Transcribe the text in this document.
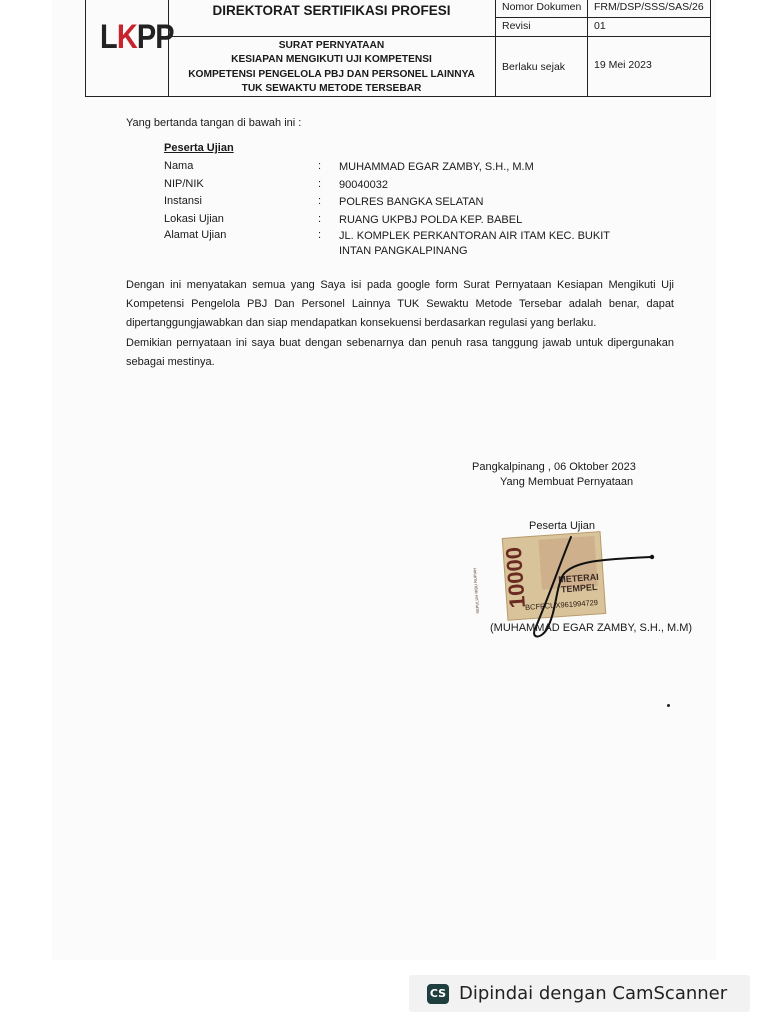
LKPP
DIREKTORAT SERTIFIKASI PROFESI
SURAT PERNYATAAN
KESIAPAN MENGIKUTI UJI KOMPETENSI
KOMPETENSI PENGELOLA PBJ DAN PERSONEL LAINNYA
TUK SEWAKTU METODE TERSEBAR
Nomor Dokumen FRM/DSP/SSS/SAS/26
Revisi	01
Berlaku sejak	19 Mei 2023
Yang bertanda tangan di bawah ini :
Peserta Ujian
Nama	: MUHAMMAD EGAR ZAMBY, S.H., M.M
NIP/NIK	: 90040032
Instansi	: POLRES BANGKA SELATAN
Lokasi Ujian	: RUANG UKPBJ POLDA KEP. BABEL
Alamat Ujian	: JL. KOMPLEK PERKANTORAN AIR ITAM KEC. BUKIT INTAN PANGKALPINANG
Dengan ini menyatakan semua yang Saya isi pada google form Surat Pernyataan Kesiapan Mengikuti Uji Kompetensi Pengelola PBJ Dan Personel Lainnya TUK Sewaktu Metode Tersebar adalah benar, dapat dipertanggungjawabkan dan siap mendapatkan konsekuensi berdasarkan regulasi yang berlaku.
Demikian pernyataan ini saya buat dengan sebenarnya dan penuh rasa tanggung jawab untuk dipergunakan sebagai mestinya.
Pangkalpinang , 06 Oktober 2023
Yang Membuat Pernyataan
Peserta Ujian
10000
SEPULUH RIBU RUPIAH	METERAI
TEMPEL
BCFFCUX961994729
(MUHAMMAD EGAR ZAMBY, S.H., M.M)
CS Dipindai dengan CamScanner
